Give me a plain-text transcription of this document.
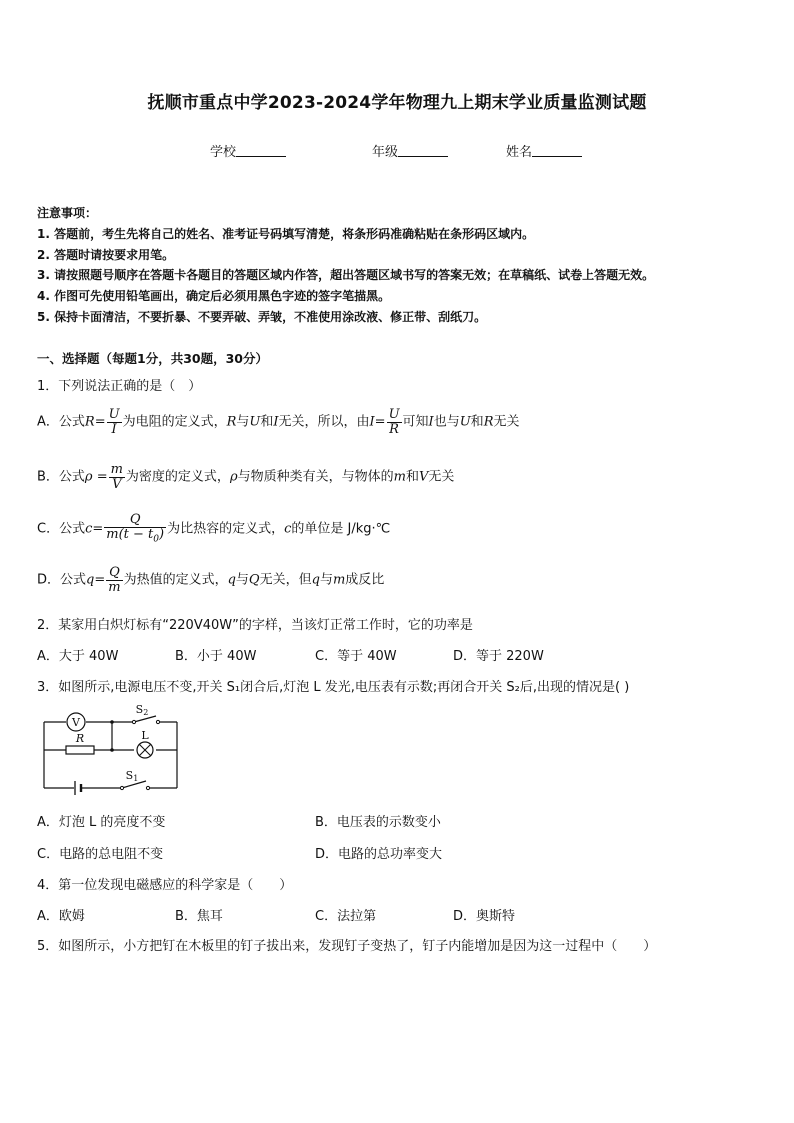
抚顺市重点中学2023-2024学年物理九上期末学业质量监测试题
学校	年级	姓名
注意事项：
1. 答题前，考生先将自己的姓名、准考证号码填写清楚，将条形码准确粘贴在条形码区域内。
2. 答题时请按要求用笔。
3. 请按照题号顺序在答题卡各题目的答题区域内作答，超出答题区域书写的答案无效；在草稿纸、试卷上答题无效。
4. 作图可先使用铅笔画出，确定后必须用黑色字迹的签字笔描黑。
5. 保持卡面清洁，不要折暴、不要弄破、弄皱，不准使用涂改液、修正带、刮纸刀。
一、选择题（每题1分，共30题，30分）
1．下列说法正确的是（　）
A．公式$R= \frac{U}{I}$ 为电阻的定义式，R与U和I无关，所以，由$I= \frac{U}{R}$ 可知I也与U和R无关
B．公式$\rho = \frac{m}{V}$ 为密度的定义式，ρ与物质种类有关，与物体的m和V无关
C．公式$c= \frac{Q}{m(t - t_0)}$ 为比热容的定义式，c的单位是 J/kg·℃
D．公式$q= \frac{Q}{m}$ 为热值的定义式，q与Q无关，但q与m成反比
2．某家用白炽灯标有“220V40W”的字样，当该灯正常工作时，它的功率是
A．大于 40W	B．小于 40W	C．等于 40W	D．等于 220W
3．如图所示,电源电压不变,开关 S₁闭合后,灯泡 L 发光,电压表有示数;再闭合开关 S₂后,出现的情况是( )
V
R	L
S2
S1
A．灯泡 L 的亮度不变	B．电压表的示数变小
C．电路的总电阻不变	D．电路的总功率变大
4．第一位发现电磁感应的科学家是（　　）
A．欧姆	B．焦耳	C．法拉第	D．奥斯特
5．如图所示，小方把钉在木板里的钉子拔出来，发现钉子变热了，钉子内能增加是因为这一过程中（　　）
